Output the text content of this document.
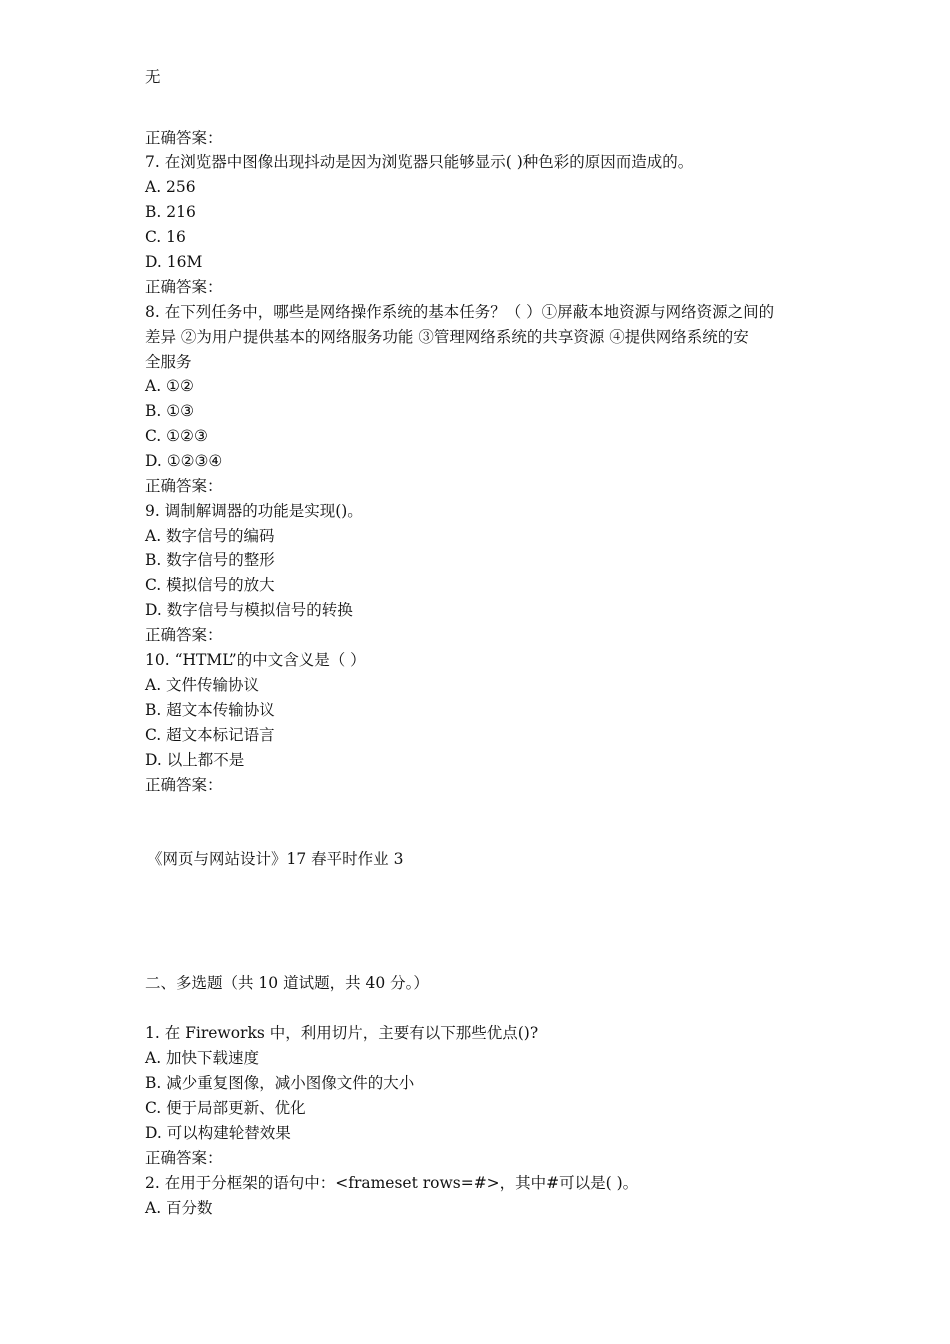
无
正确答案：
7. 在浏览器中图像出现抖动是因为浏览器只能够显示( )种色彩的原因而造成的。
A. 256
B. 216
C. 16
D. 16M
正确答案：
8. 在下列任务中，哪些是网络操作系统的基本任务？（ ）①屏蔽本地资源与网络资源之间的
差异 ②为用户提供基本的网络服务功能 ③管理网络系统的共享资源 ④提供网络系统的安
全服务
A. ①②
B. ①③
C. ①②③
D. ①②③④
正确答案：
9. 调制解调器的功能是实现()。
A. 数字信号的编码
B. 数字信号的整形
C. 模拟信号的放大
D. 数字信号与模拟信号的转换
正确答案：
10. “HTML”的中文含义是（ ）
A. 文件传输协议
B. 超文本传输协议
C. 超文本标记语言
D. 以上都不是
正确答案：
《网页与网站设计》17 春平时作业 3
二、多选题（共 10 道试题，共 40 分。）
1. 在 Fireworks 中，利用切片，主要有以下那些优点()?
A. 加快下载速度
B. 减少重复图像，减小图像文件的大小
C. 便于局部更新、优化
D. 可以构建轮替效果
正确答案：
2. 在用于分框架的语句中：<frameset rows=#>，其中#可以是( )。
A. 百分数
